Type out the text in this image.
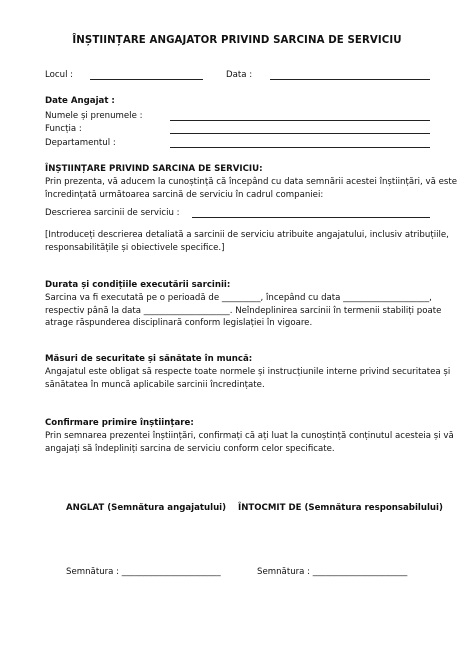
ÎNȘTIINȚARE ANGAJATOR PRIVIND SARCINA DE SERVICIU
Locul :	Data :
Date Angajat :
Numele și prenumele :
Funcția :
Departamentul :
ÎNȘTIINȚARE PRIVIND SARCINA DE SERVICIU:
Prin prezenta, vă aducem la cunoștință că începând cu data semnării acestei înștiințări, vă este
încredințată următoarea sarcină de serviciu în cadrul companiei:
Descrierea sarcinii de serviciu :
[Introduceți descrierea detaliată a sarcinii de serviciu atribuite angajatului, inclusiv atribuțiile,
responsabilitățile și obiectivele specifice.]
Durata și condițiile executării sarcinii:
Sarcina va fi executată pe o perioadă de _________, începând cu data ____________________,
respectiv până la data ____________________. Neîndeplinirea sarcinii în termenii stabiliți poate
atrage răspunderea disciplinară conform legislației în vigoare.
Măsuri de securitate și sănătate în muncă:
Angajatul este obligat să respecte toate normele și instrucțiunile interne privind securitatea și
sănătatea în muncă aplicabile sarcinii încredințate.
Confirmare primire înștiințare:
Prin semnarea prezentei înștiințări, confirmați că ați luat la cunoștință conținutul acesteia și vă
angajați să îndepliniți sarcina de serviciu conform celor specificate.
ANGLAT (Semnătura angajatului) ÎNTOCMIT DE (Semnătura responsabilului)
Semnătura : _______________________	Semnătura : ______________________
